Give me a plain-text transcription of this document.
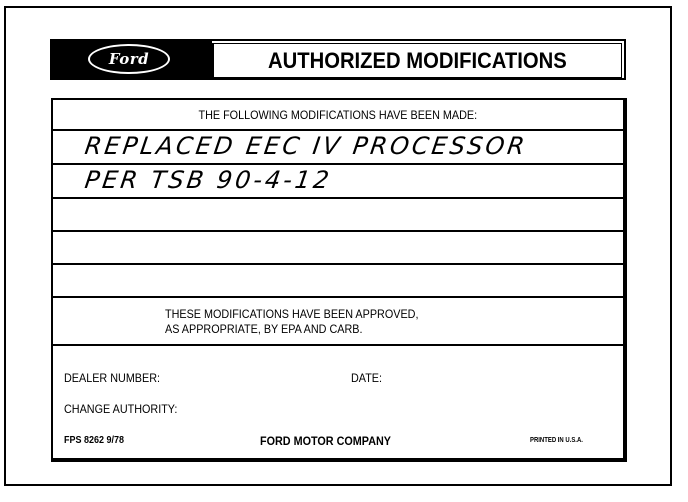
Ford	AUTHORIZED MODIFICATIONS
THE FOLLOWING MODIFICATIONS HAVE BEEN MADE:
REPLACED EEC IV PROCESSOR
PER TSB 90-4-12
THESE MODIFICATIONS HAVE BEEN APPROVED,
AS APPROPRIATE, BY EPA AND CARB.
DEALER NUMBER:	DATE:
CHANGE AUTHORITY:
FPS 8262 9/78	FORD MOTOR COMPANY	PRINTED IN U.S.A.
